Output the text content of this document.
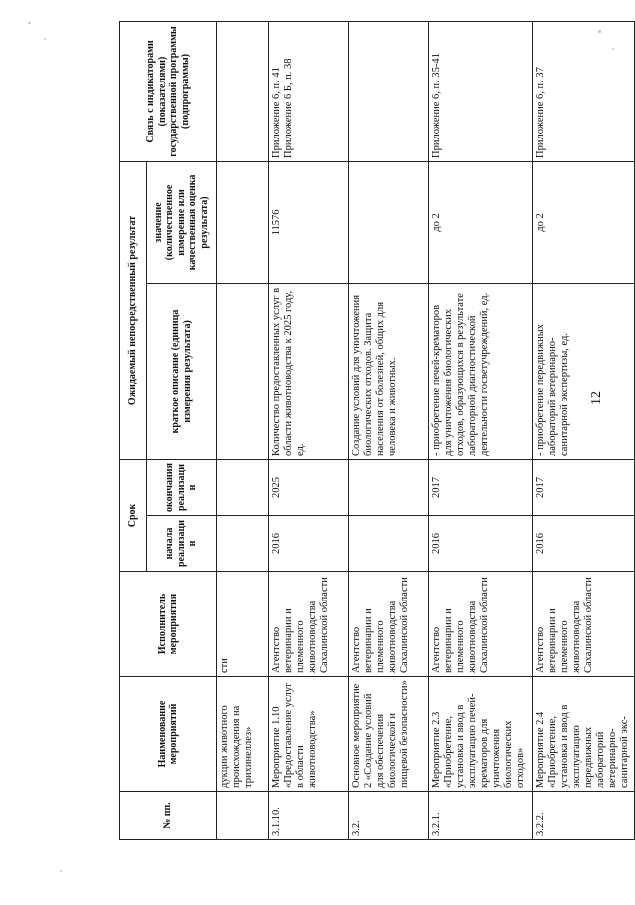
12
№ пп.	Наименование мероприятий	Исполнитель мероприятия	Срок		Ожидаемый непосредственный результат		Связь с индикаторами (показателями) государственной программы (подпрограммы)
			начала реализации	окончания реализации	краткое описание (единица измерения результата)	значение (количественное измерение или качественная оценка результата)	
	дукции животного происхождения на трихинеллез»	сти					
3.1.10.	Мероприятие 1.10 «Предоставление услуг в области животноводства»	Агентство ветеринарии и племенного животноводства Сахалинской области	2016	2025	Количество предоставленных услуг в области животноводства к 2025 году, ед.	11576	Приложение 6, п. 41 Приложение 6 Б, п. 38
3.2.	Основное мероприятие 2 «Создание условий для обеспечения биологической и пищевой безопасности»	Агентство ветеринарии и племенного животноводства Сахалинской области			Создание условий для уничтожения биологических отходов. Защита населения от болезней, общих для человека и животных.		
3.2.1.	Мероприятие 2.3 «Приобретение, установка и ввод в эксплуатацию печей-крематоров для уничтожения биологических отходов»	Агентство ветеринарии и племенного животноводства Сахалинской области	2016	2017	- приобретение печей-крематоров для уничтожения биологических отходов, образующихся в результате лабораторной диагностической деятельности госветучреждений, ед.	до 2	Приложение 6, п. 35-41
3.2.2.	Мероприятие 2.4 «Приобретение, установка и ввод в эксплуатацию передвижных лабораторий ветеринарно-санитарной экс-	Агентство ветеринарии и племенного животноводства Сахалинской области	2016	2017	- приобретение передвижных лабораторий ветеринарно-санитарной экспертизы, ед.	до 2	Приложение 6, п. 37
